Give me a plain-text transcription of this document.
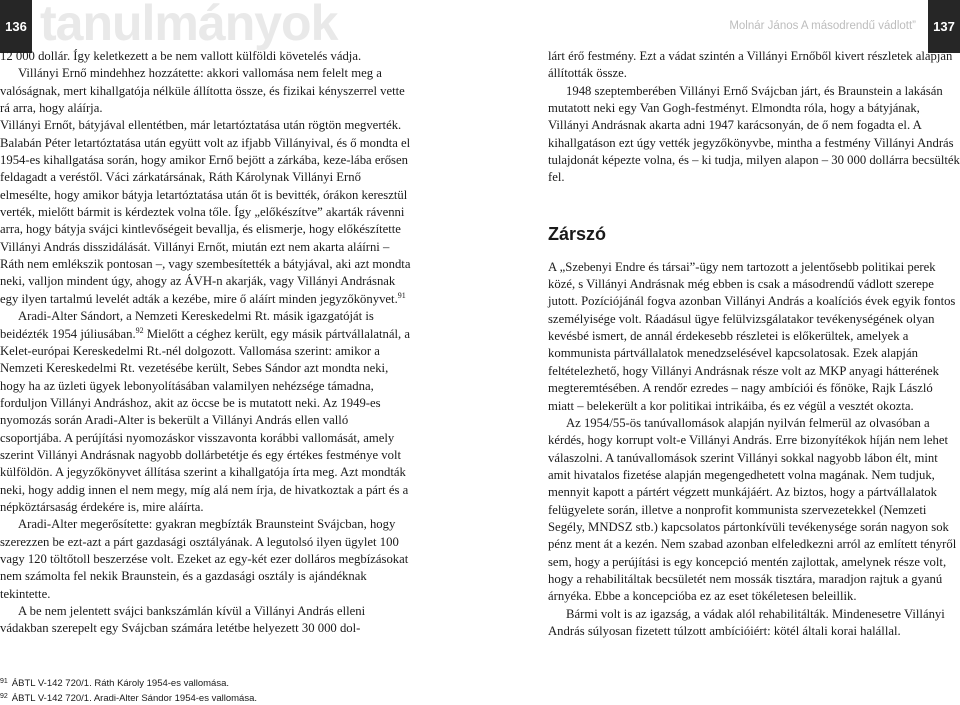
136 tanulmányok	Molnár János A másodrendű vádlott”	137

12 000 dollár. Így keletkezett a be nem vallott külföldi követelés vádja.

Villányi Ernő mindehhez hozzátette: akkori vallomása nem felelt meg a valóságnak, mert kihallgatója nélküle állította össze, és fizikai kényszerrel vette rá arra, hogy aláírja.

Villányi Ernőt, bátyjával ellentétben, már letartóztatása után rögtön megverték. Balabán Péter letartóztatása után együtt volt az ifjabb Villányival, és ő mondta el 1954-es kihallgatása során, hogy amikor Ernő bejött a zárkába, keze-lába erősen feldagadt a veréstől. Váci zárkatársának, Ráth Károlynak Villányi Ernő elmesélte, hogy amikor bátyja letartóztatása után őt is bevitték, órákon keresztül verték, mielőtt bármit is kérdeztek volna tőle. Így „előkészítve” akarták rávenni arra, hogy bátyja svájci kintlevőségeit bevallja, és elismerje, hogy előkészítette Villányi András disszidálását. Villányi Ernőt, miután ezt nem akarta aláírni – Ráth nem emlékszik pontosan –, vagy szembesítették a bátyjával, aki azt mondta neki, valljon mindent úgy, ahogy az ÁVH-n akarják, vagy Villányi Andrásnak egy ilyen tartalmú levelét adták a kezébe, mire ő aláírt minden jegyzőkönyvet.$^{91}$

Aradi-Alter Sándort, a Nemzeti Kereskedelmi Rt. másik igazgatóját is beidézték 1954 júliusában.$^{92}$ Mielőtt a céghez került, egy másik pártvállalatnál, a Kelet-európai Kereskedelmi Rt.-nél dolgozott. Vallomása szerint: amikor a Nemzeti Kereskedelmi Rt. vezetésébe került, Sebes Sándor azt mondta neki, hogy ha az üzleti ügyek lebonyolításában valamilyen nehézsége támadna, forduljon Villányi Andráshoz, akit az öccse be is mutatott neki. Az 1949-es nyomozás során Aradi-Alter is bekerült a Villányi András ellen valló csoportjába. A perújítási nyomozáskor visszavonta korábbi vallomását, amely szerint Villányi Andrásnak nagyobb dollárbetétje és egy értékes festménye volt külföldön. A jegyzőkönyvet állítása szerint a kihallgatója írta meg. Azt mondták neki, hogy addig innen el nem megy, míg alá nem írja, de hivatkoztak a párt és a népköztársaság érdekére is, mire aláírta.

Aradi-Alter megerősítette: gyakran megbízták Braunsteint Svájcban, hogy szerezzen be ezt-azt a párt gazdasági osztályának. A legutolsó ilyen ügylet 100 vagy 120 töltőtoll beszerzése volt. Ezeket az egy-két ezer dolláros megbízásokat nem számolta fel nekik Braunstein, és a gazdasági osztály is ajándéknak tekintette.

A be nem jelentett svájci bankszámlán kívül a Villányi András elleni vádakban szerepelt egy Svájcban számára letétbe helyezett 30 000 dol-

lárt érő festmény. Ezt a vádat szintén a Villányi Ernőből kivert részletek alapján állították össze.

1948 szeptemberében Villányi Ernő Svájcban járt, és Braunstein a lakásán mutatott neki egy Van Gogh-festményt. Elmondta róla, hogy a bátyjának, Villányi Andrásnak akarta adni 1947 karácsonyán, de ő nem fogadta el. A kihallgatáson ezt úgy vették jegyzőkönyvbe, mintha a festmény Villányi András tulajdonát képezte volna, és – ki tudja, milyen alapon – 30 000 dollárra becsülték fel.

Zárszó

A „Szebenyi Endre és társai”-ügy nem tartozott a jelentősebb politikai perek közé, s Villányi Andrásnak még ebben is csak a másodrendű vádlott szerepe jutott. Pozíciójánál fogva azonban Villányi András a koalíciós évek egyik fontos személyisége volt. Ráadásul ügye felülvizsgálatakor tevékenységének olyan kevésbé ismert, de annál érdekesebb részletei is előkerültek, amelyek a kommunista pártvállalatok menedzselésével kapcsolatosak. Ezek alapján feltételezhető, hogy Villányi Andrásnak része volt az MKP anyagi hátterének megteremtésében. A rendőr ezredes – nagy ambíciói és főnöke, Rajk László miatt – belekerült a kor politikai intrikáiba, és ez végül a vesztét okozta.

Az 1954/55-ös tanúvallomások alapján nyilván felmerül az olvasóban a kérdés, hogy korrupt volt-e Villányi András. Erre bizonyítékok híján nem lehet válaszolni. A tanúvallomások szerint Villányi sokkal nagyobb lábon élt, mint amit hivatalos fizetése alapján megengedhetett volna magának. Nem tudjuk, mennyit kapott a pártért végzett munkájáért. Az biztos, hogy a pártvállalatok felügyelete során, illetve a nonprofit kommunista szervezetekkel (Nemzeti Segély, MNDSZ stb.) kapcsolatos pártonkívüli tevékenysége során nagyon sok pénz ment át a kezén. Nem szabad azonban elfeledkezni arról az említett tényről sem, hogy a perújítási is egy koncepció mentén zajlottak, amelynek része volt, hogy a rehabilitáltak becsületét nem mossák tisztára, maradjon rajtuk a gyanú árnyéka. Ebbe a koncepcióba ez az eset tökéletesen beleillik.

Bármi volt is az igazság, a vádak alól rehabilitálták. Mindenesetre Villányi András súlyosan fizetett túlzott ambícióiért: kötél általi korai halállal.

$^{91}$ ÁBTL V-142 720/1. Ráth Károly 1954-es vallomása.
$^{92}$ ÁBTL V-142 720/1. Aradi-Alter Sándor 1954-es vallomása.
